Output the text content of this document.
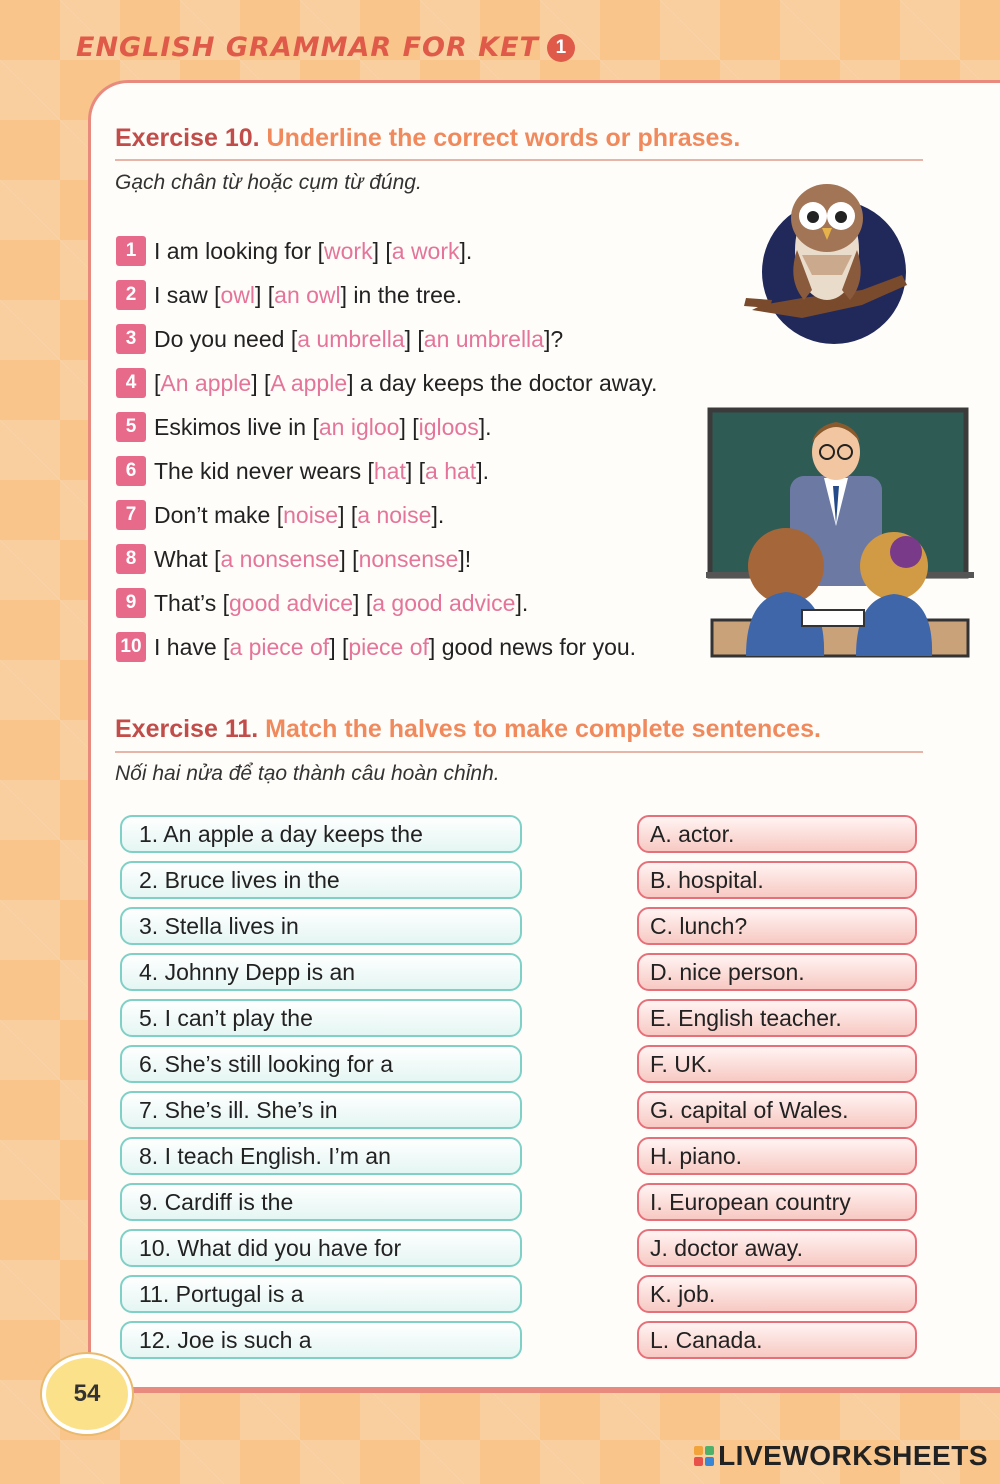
ENGLISH GRAMMAR FOR KET 1
Exercise 10. Underline the correct words or phrases.
Gạch chân từ hoặc cụm từ đúng.
1 I am looking for [ work ] [ a work ].
2 I saw [ owl ] [ an owl ] in the tree.
3 Do you need [ a umbrella ] [ an umbrella ]?
4 [ An apple ] [ A apple ] a day keeps the doctor away.
5 Eskimos live in [ an igloo ] [ igloos ].
6 The kid never wears [ hat ] [ a hat ].
7 Don’t make [ noise ] [ a noise ].
8 What [ a nonsense ] [ nonsense ]!
9 That’s [ good advice ] [ a good advice ].
10 I have [ a piece of ] [ piece of ] good news for you.
Exercise 11. Match the halves to make complete sentences.
Nối hai nửa để tạo thành câu hoàn chỉnh.
1. An apple a day keeps the
2. Bruce lives in the
3. Stella lives in
4. Johnny Depp is an
5. I can’t play the
6. She’s still looking for a
7. She’s ill. She’s in
8. I teach English. I’m an
9. Cardiff is the
10. What did you have for
11. Portugal is a
12. Joe is such a
A. actor.
B. hospital.
C. lunch?
D. nice person.
E. English teacher.
F. UK.
G. capital of Wales.
H. piano.
I. European country
J. doctor away.
K. job.
L. Canada.
54
LIVEWORKSHEETS
